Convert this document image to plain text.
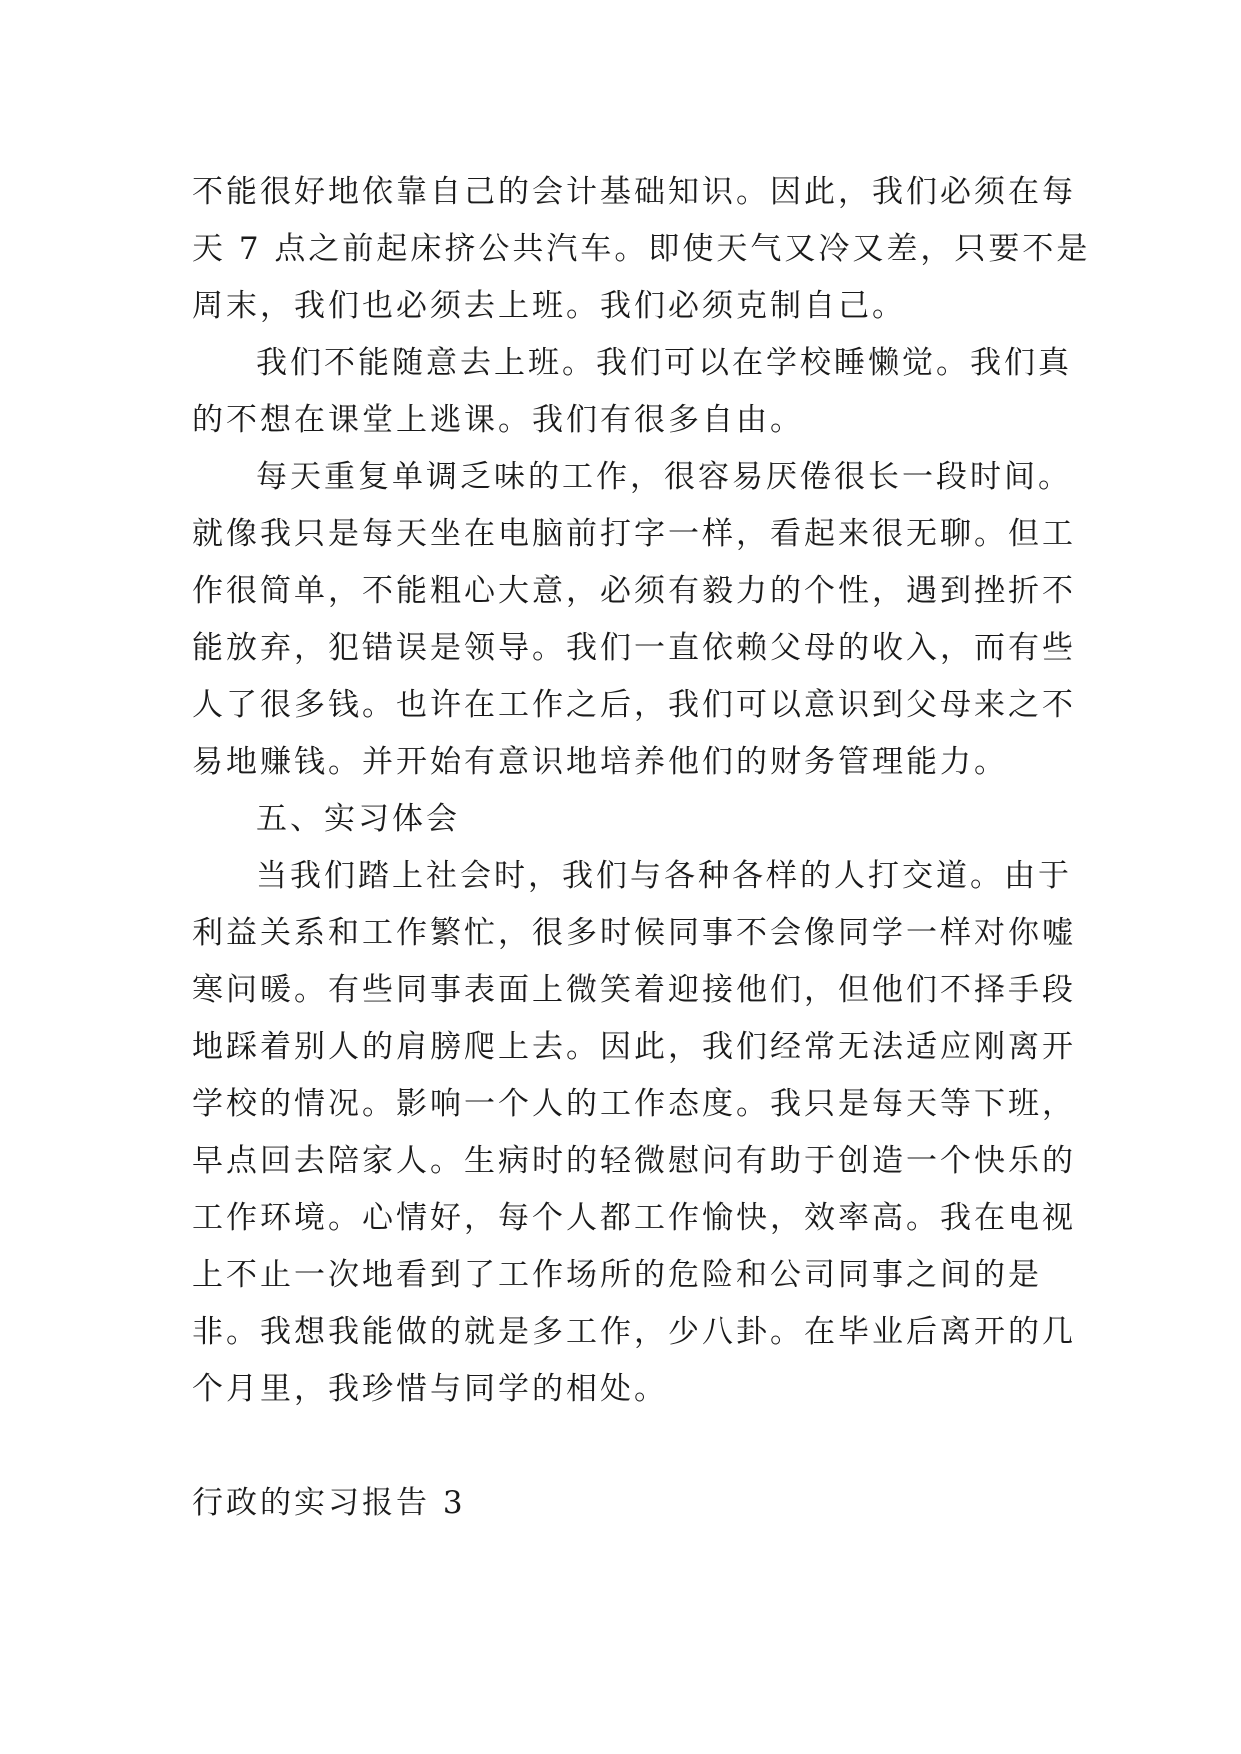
不能很好地依靠自己的会计基础知识。因此，我们必须在每

天 7 点之前起床挤公共汽车。即使天气又冷又差，只要不是

周末，我们也必须去上班。我们必须克制自己。

我们不能随意去上班。我们可以在学校睡懒觉。我们真

的不想在课堂上逃课。我们有很多自由。

每天重复单调乏味的工作，很容易厌倦很长一段时间。

就像我只是每天坐在电脑前打字一样，看起来很无聊。但工

作很简单，不能粗心大意，必须有毅力的个性，遇到挫折不

能放弃，犯错误是领导。我们一直依赖父母的收入，而有些

人了很多钱。也许在工作之后，我们可以意识到父母来之不

易地赚钱。并开始有意识地培养他们的财务管理能力。

五、实习体会

当我们踏上社会时，我们与各种各样的人打交道。由于

利益关系和工作繁忙，很多时候同事不会像同学一样对你嘘

寒问暖。有些同事表面上微笑着迎接他们，但他们不择手段

地踩着别人的肩膀爬上去。因此，我们经常无法适应刚离开

学校的情况。影响一个人的工作态度。我只是每天等下班，

早点回去陪家人。生病时的轻微慰问有助于创造一个快乐的

工作环境。心情好，每个人都工作愉快，效率高。我在电视

上不止一次地看到了工作场所的危险和公司同事之间的是

非。我想我能做的就是多工作，少八卦。在毕业后离开的几

个月里，我珍惜与同学的相处。

行政的实习报告 3
